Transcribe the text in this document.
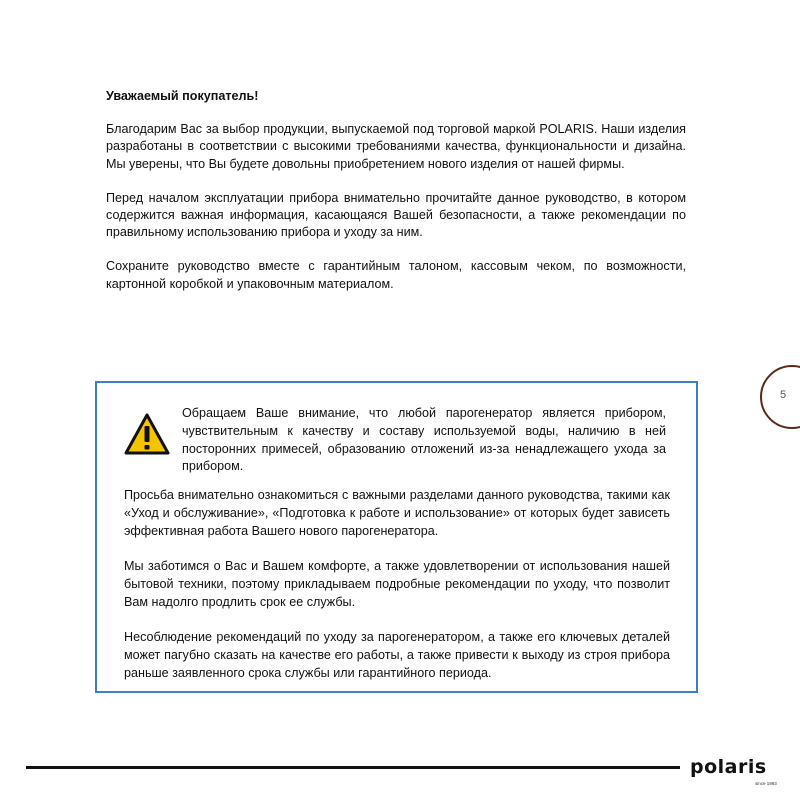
Уважаемый покупатель!

Благодарим Вас за выбор продукции, выпускаемой под торговой маркой POLARIS. Наши изделия разработаны в соответствии с высокими требованиями качества, функциональности и дизайна. Мы уверены, что Вы будете довольны приобретением нового изделия от нашей фирмы.

Перед началом эксплуатации прибора внимательно прочитайте данное руководство, в котором содержится важная информация, касающаяся Вашей безопасности, а также рекомендации по правильному использованию прибора и уходу за ним.

Сохраните руководство вместе с гарантийным талоном, кассовым чеком, по возможности, картонной коробкой и упаковочным материалом.

5

Обращаем Ваше внимание, что любой парогенератор является прибором, чувствительным к качеству и составу используемой воды, наличию в ней посторонних примесей, образованию отложений из-за ненадлежащего ухода за прибором.

Просьба внимательно ознакомиться с важными разделами данного руководства, такими как «Уход и обслуживание», «Подготовка к работе и использование» от которых будет зависеть эффективная работа Вашего нового парогенератора.

Мы заботимся о Вас и Вашем комфорте, а также удовлетворении от использования нашей бытовой техники, поэтому прикладываем подробные рекомендации по уходу, что позволит Вам надолго продлить срок ее службы.

Несоблюдение рекомендаций по уходу за парогенератором, а также его ключевых деталей может пагубно сказать на качестве его работы, а также привести к выходу из строя прибора раньше заявленного срока службы или гарантийного периода.

polaris
since 1993
